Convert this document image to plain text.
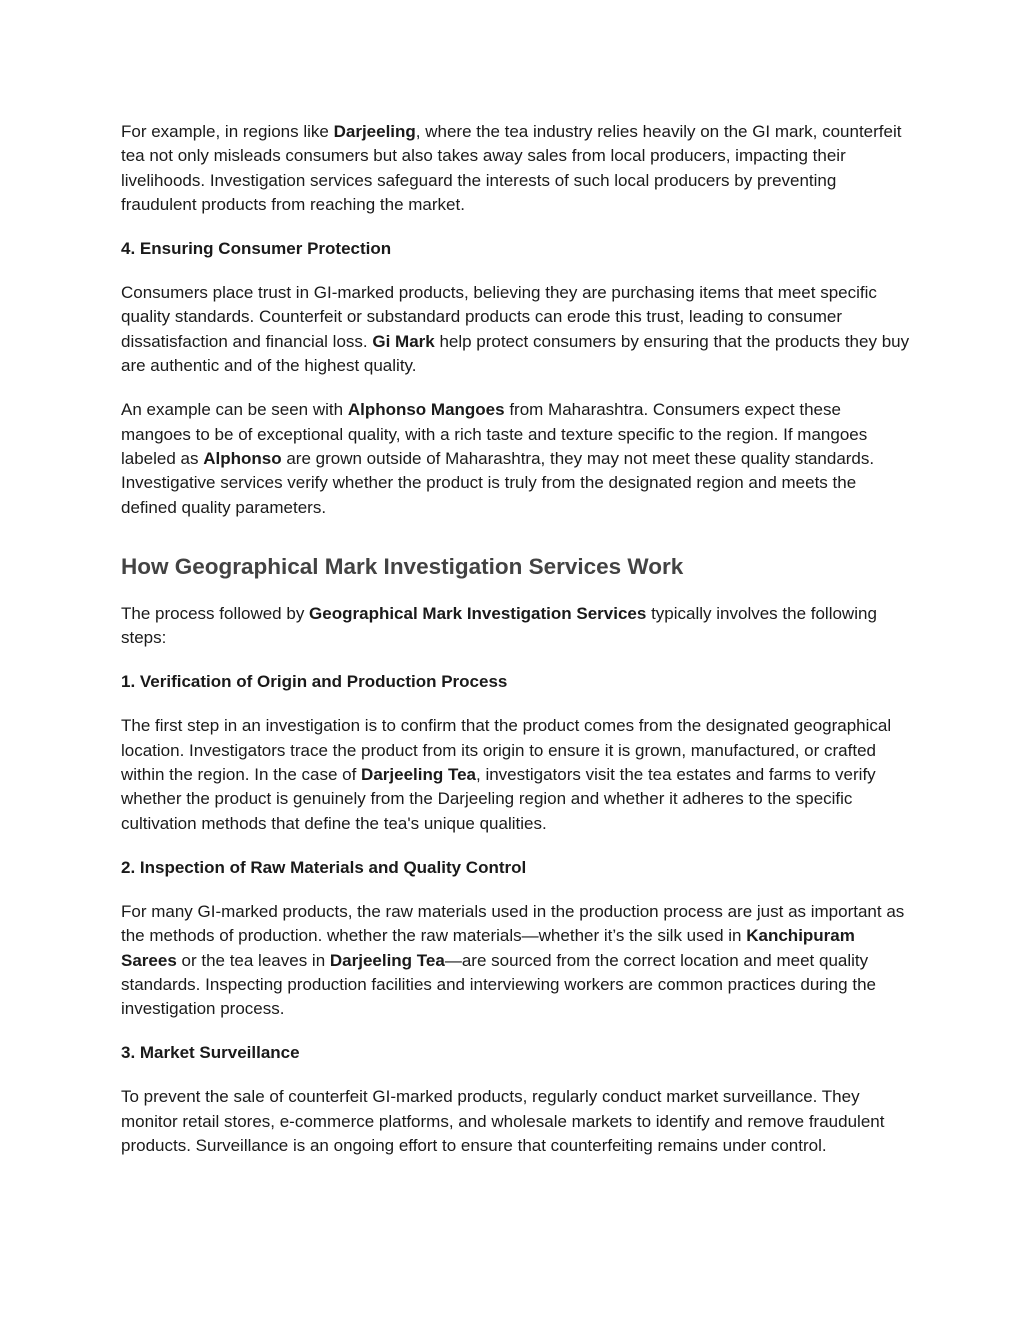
For example, in regions like Darjeeling, where the tea industry relies heavily on the GI mark, counterfeit tea not only misleads consumers but also takes away sales from local producers, impacting their livelihoods. Investigation services safeguard the interests of such local producers by preventing fraudulent products from reaching the market.

4. Ensuring Consumer Protection

Consumers place trust in GI-marked products, believing they are purchasing items that meet specific quality standards. Counterfeit or substandard products can erode this trust, leading to consumer dissatisfaction and financial loss. Gi Mark help protect consumers by ensuring that the products they buy are authentic and of the highest quality.

An example can be seen with Alphonso Mangoes from Maharashtra. Consumers expect these mangoes to be of exceptional quality, with a rich taste and texture specific to the region. If mangoes labeled as Alphonso are grown outside of Maharashtra, they may not meet these quality standards. Investigative services verify whether the product is truly from the designated region and meets the defined quality parameters.

How Geographical Mark Investigation Services Work

The process followed by Geographical Mark Investigation Services typically involves the following steps:

1. Verification of Origin and Production Process

The first step in an investigation is to confirm that the product comes from the designated geographical location. Investigators trace the product from its origin to ensure it is grown, manufactured, or crafted within the region. In the case of Darjeeling Tea, investigators visit the tea estates and farms to verify whether the product is genuinely from the Darjeeling region and whether it adheres to the specific cultivation methods that define the tea's unique qualities.

2. Inspection of Raw Materials and Quality Control

For many GI-marked products, the raw materials used in the production process are just as important as the methods of production. whether the raw materials—whether it’s the silk used in Kanchipuram Sarees or the tea leaves in Darjeeling Tea—are sourced from the correct location and meet quality standards. Inspecting production facilities and interviewing workers are common practices during the investigation process.

3. Market Surveillance

To prevent the sale of counterfeit GI-marked products, regularly conduct market surveillance. They monitor retail stores, e-commerce platforms, and wholesale markets to identify and remove fraudulent products. Surveillance is an ongoing effort to ensure that counterfeiting remains under control.
